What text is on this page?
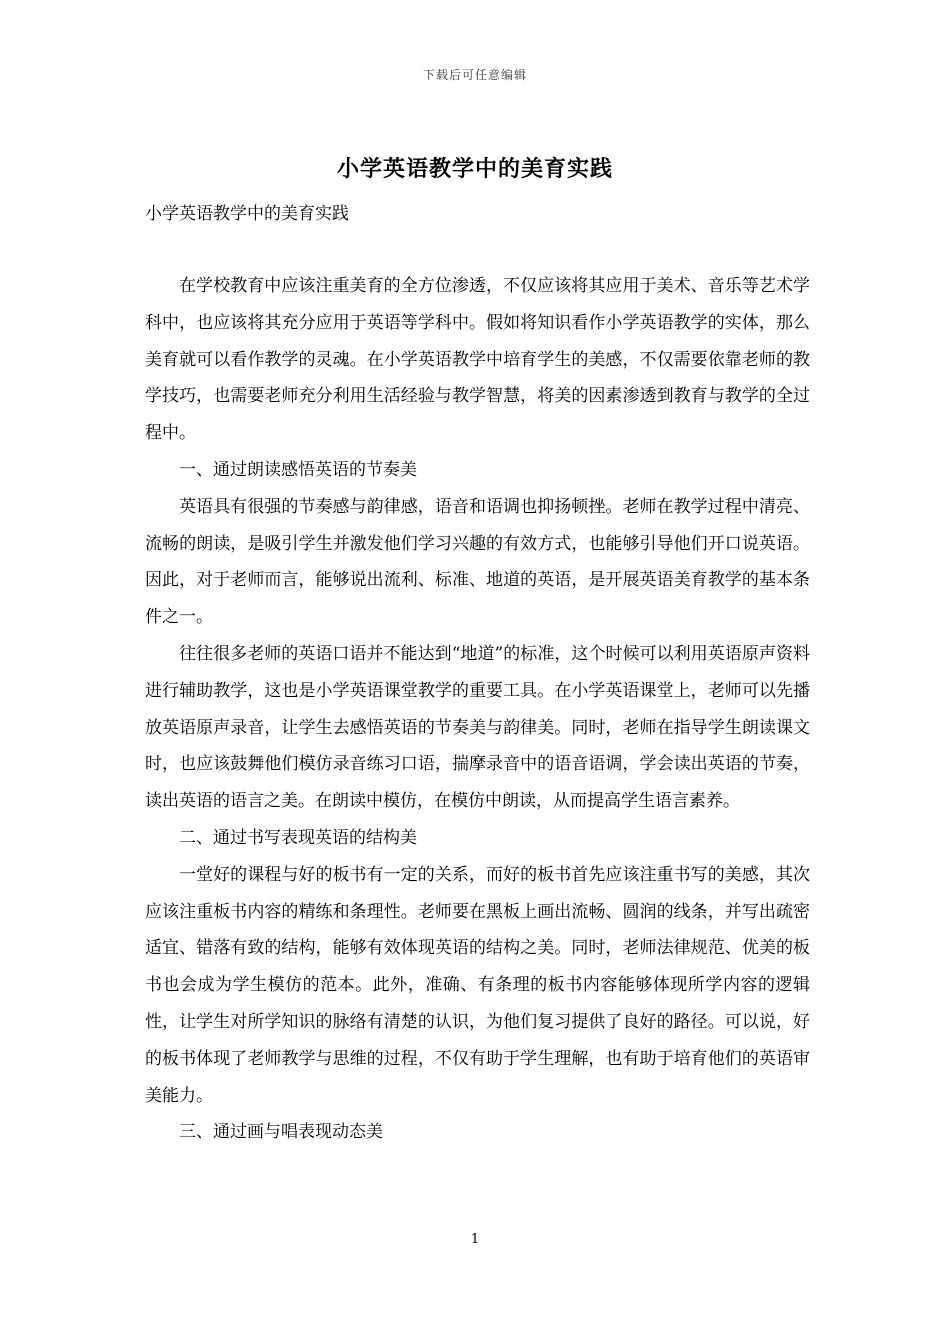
下载后可任意编辑
小学英语教学中的美育实践

小学英语教学中的美育实践

在学校教育中应该注重美育的全方位渗透，不仅应该将其应用于美术、音乐等艺术学科中，也应该将其充分应用于英语等学科中。假如将知识看作小学英语教学的实体，那么美育就可以看作教学的灵魂。在小学英语教学中培育学生的美感，不仅需要依靠老师的教学技巧，也需要老师充分利用生活经验与教学智慧，将美的因素渗透到教育与教学的全过程中。

一、通过朗读感悟英语的节奏美

英语具有很强的节奏感与韵律感，语音和语调也抑扬顿挫。老师在教学过程中清亮、流畅的朗读，是吸引学生并激发他们学习兴趣的有效方式，也能够引导他们开口说英语。因此，对于老师而言，能够说出流利、标准、地道的英语，是开展英语美育教学的基本条件之一。

往往很多老师的英语口语并不能达到“地道”的标准，这个时候可以利用英语原声资料进行辅助教学，这也是小学英语课堂教学的重要工具。在小学英语课堂上，老师可以先播放英语原声录音，让学生去感悟英语的节奏美与韵律美。同时，老师在指导学生朗读课文时，也应该鼓舞他们模仿录音练习口语，揣摩录音中的语音语调，学会读出英语的节奏，读出英语的语言之美。在朗读中模仿，在模仿中朗读，从而提高学生语言素养。

二、通过书写表现英语的结构美

一堂好的课程与好的板书有一定的关系，而好的板书首先应该注重书写的美感，其次应该注重板书内容的精练和条理性。老师要在黑板上画出流畅、圆润的线条，并写出疏密适宜、错落有致的结构，能够有效体现英语的结构之美。同时，老师法律规范、优美的板书也会成为学生模仿的范本。此外，准确、有条理的板书内容能够体现所学内容的逻辑性，让学生对所学知识的脉络有清楚的认识，为他们复习提供了良好的路径。可以说，好的板书体现了老师教学与思维的过程，不仅有助于学生理解，也有助于培育他们的英语审美能力。

三、通过画与唱表现动态美

1
